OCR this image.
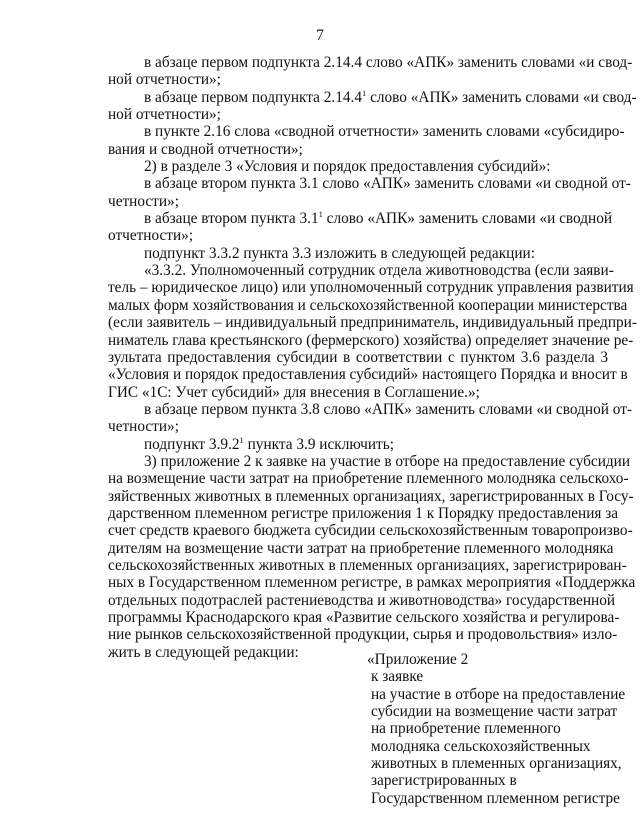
7
в абзаце первом подпункта 2.14.4 слово «АПК» заменить словами «и свод-
ной отчетности»;
в абзаце первом подпункта 2.14.4$^1$ слово «АПК» заменить словами «и свод-
ной отчетности»;
в пункте 2.16 слова «сводной отчетности» заменить словами «субсидиро-
вания и сводной отчетности»;
2) в разделе 3 «Условия и порядок предоставления субсидий»:
в абзаце втором пункта 3.1 слово «АПК» заменить словами «и сводной от-
четности»;
в абзаце втором пункта $3.1^1$ слово «АПК» заменить словами «и сводной
отчетности»;
подпункт 3.3.2 пункта 3.3 изложить в следующей редакции:
«3.3.2. Уполномоченный сотрудник отдела животноводства (если заяви-
тель – юридическое лицо) или уполномоченный сотрудник управления развития
малых форм хозяйствования и сельскохозяйственной кооперации министерства
(если заявитель – индивидуальный предприниматель, индивидуальный предпри-
ниматель глава крестьянского (фермерского) хозяйства) определяет значение ре-
зультата предоставления субсидии в соответствии с пунктом 3.6 раздела 3
«Условия и порядок предоставления субсидий» настоящего Порядка и вносит в
ГИС «1С: Учет субсидий» для внесения в Соглашение.»;
в абзаце первом пункта 3.8 слово «АПК» заменить словами «и сводной от-
четности»;
подпункт 3.9.2$^1$ пункта 3.9 исключить;
3) приложение 2 к заявке на участие в отборе на предоставление субсидии
на возмещение части затрат на приобретение племенного молодняка сельскохо-
зяйственных животных в племенных организациях, зарегистрированных в Госу-
дарственном племенном регистре приложения 1 к Порядку предоставления за
счет средств краевого бюджета субсидии сельскохозяйственным товаропроизво-
дителям на возмещение части затрат на приобретение племенного молодняка
сельскохозяйственных животных в племенных организациях, зарегистрирован-
ных в Государственном племенном регистре, в рамках мероприятия «Поддержка
отдельных подотраслей растениеводства и животноводства» государственной
программы Краснодарского края «Развитие сельского хозяйства и регулирова-
ние рынков сельскохозяйственной продукции, сырья и продовольствия» изло-
жить в следующей редакции:	«Приложение 2
к заявке
на участие в отборе на предоставление
субсидии на возмещение части затрат
на приобретение племенного
молодняка сельскохозяйственных
животных в племенных организациях,
зарегистрированных в
Государственном племенном регистре
